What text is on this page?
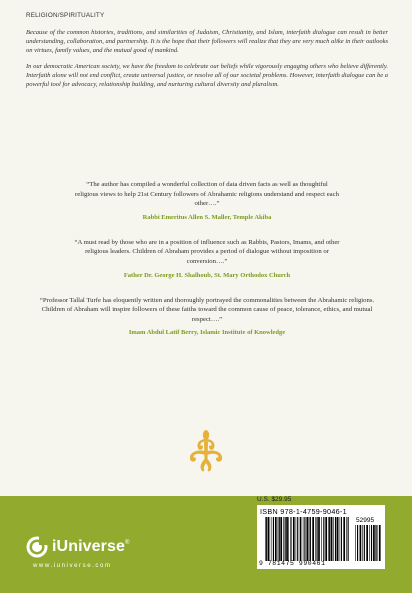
RELIGION/SPIRITUALITY

Because of the common histories, traditions, and similarities of Judaism, Christianity, and Islam, interfaith dialogue can result in better understanding, collaboration, and partnership. It is the hope that their followers will realize that they are very much alike in their outlooks on virtues, family values, and the mutual good of mankind.

In our democratic American society, we have the freedom to celebrate our beliefs while vigorously engaging others who believe differently. Interfaith alone will not end conflict, create universal justice, or resolve all of our societal problems. However, interfaith dialogue can be a powerful tool for advocacy, relationship building, and nurturing cultural diversity and pluralism.

“The author has compiled a wonderful collection of data driven facts as well as thoughtful religious views to help 21st Century followers of Abrahamic religions understand and respect each other….”
Rabbi Emeritus Allen S. Maller, Temple Akiba
“A must read by those who are in a position of influence such as Rabbis, Pastors, Imams, and other religious leaders. Children of Abraham provides a period of dialogue without imposition or conversion….”
Father Dr. George H. Shalhoub, St. Mary Orthodox Church
“Professor Tallal Turfe has eloquently written and thoroughly portrayed the commonalities between the Abrahamic religions. Children of Abraham will inspire followers of these faiths toward the common cause of peace, tolerance, ethics, and mutual respect….”
Imam Abdul Latif Berry, Islamic Institute of Knowledge
iUniverse®
www.iuniverse.com
U.S. $29.95
ISBN 978-1-4759-9046-1
52995
9 781475 990461
